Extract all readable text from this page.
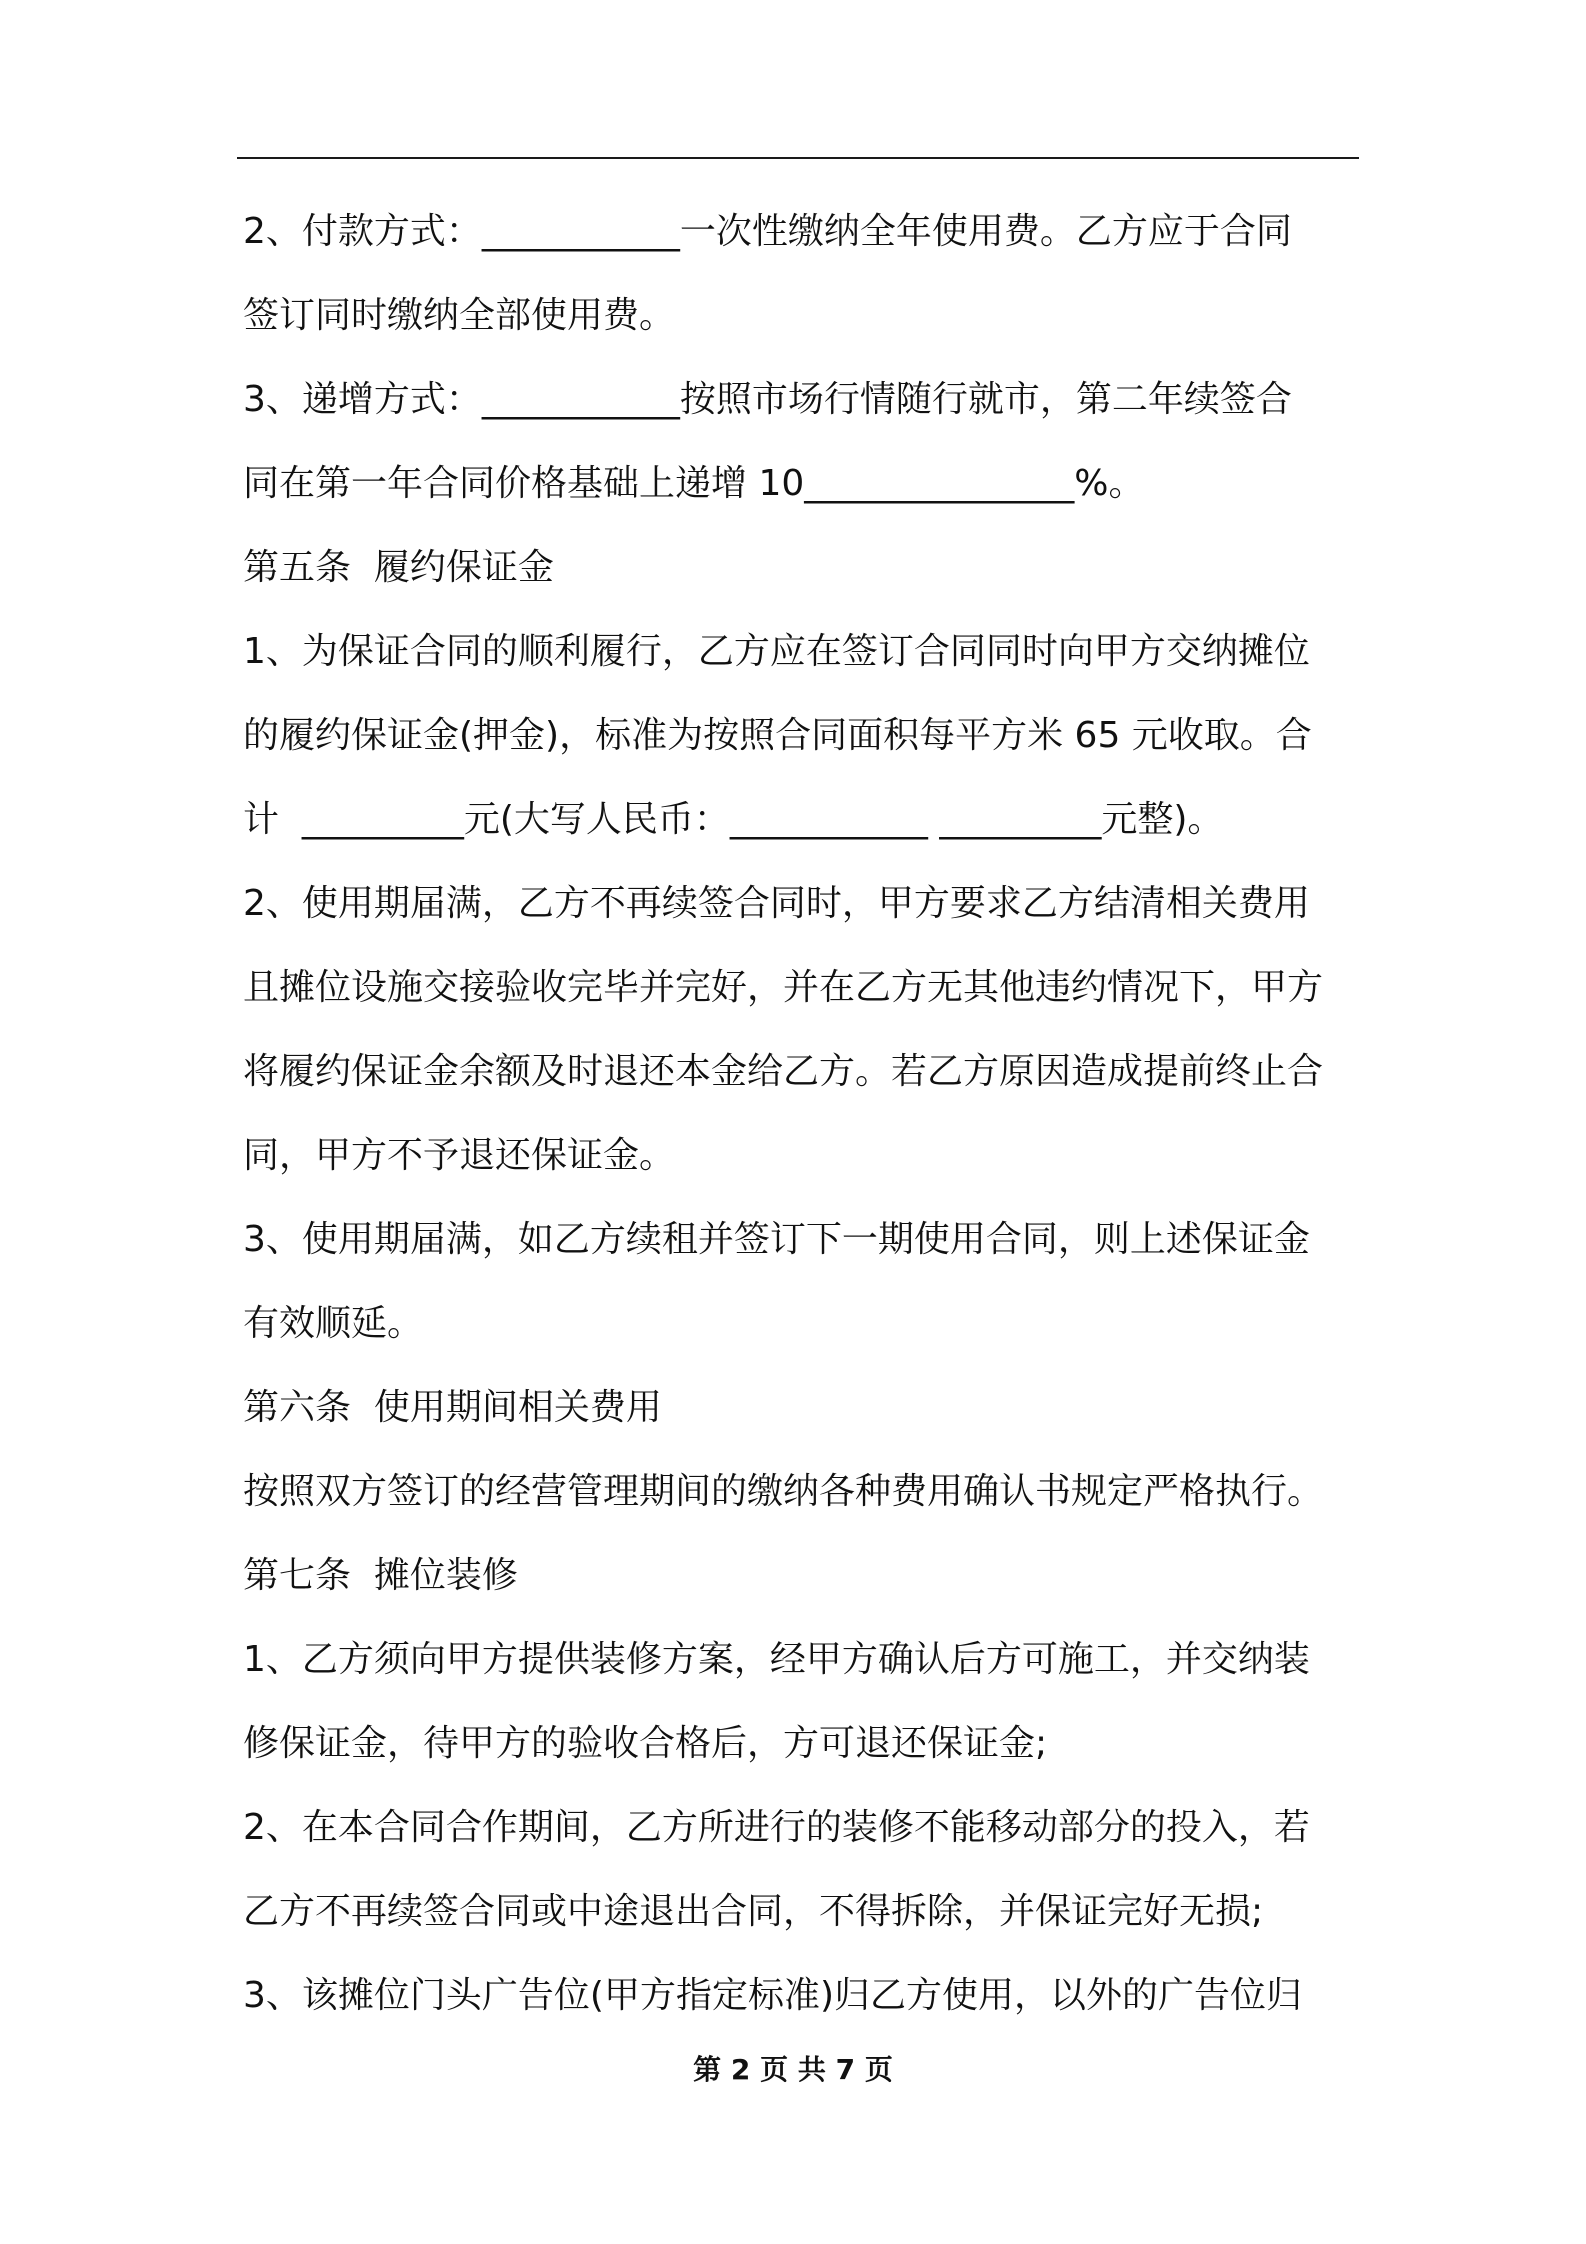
2、付款方式：___________一次性缴纳全年使用费。乙方应于合同

签订同时缴纳全部使用费。

3、递增方式：___________按照市场行情随行就市，第二年续签合

同在第一年合同价格基础上递增 10_______________%。

第五条  履约保证金

1、为保证合同的顺利履行，乙方应在签订合同同时向甲方交纳摊位

的履约保证金(押金)，标准为按照合同面积每平方米 65 元收取。合

计  _________元(大写人民币：___________ _________元整)。

2、使用期届满，乙方不再续签合同时，甲方要求乙方结清相关费用

且摊位设施交接验收完毕并完好，并在乙方无其他违约情况下，甲方

将履约保证金余额及时退还本金给乙方。若乙方原因造成提前终止合

同，甲方不予退还保证金。

3、使用期届满，如乙方续租并签订下一期使用合同，则上述保证金

有效顺延。

第六条  使用期间相关费用

按照双方签订的经营管理期间的缴纳各种费用确认书规定严格执行。

第七条  摊位装修

1、乙方须向甲方提供装修方案，经甲方确认后方可施工，并交纳装

修保证金，待甲方的验收合格后，方可退还保证金;

2、在本合同合作期间，乙方所进行的装修不能移动部分的投入，若

乙方不再续签合同或中途退出合同，不得拆除，并保证完好无损;

3、该摊位门头广告位(甲方指定标准)归乙方使用，以外的广告位归

第 2 页 共 7 页
